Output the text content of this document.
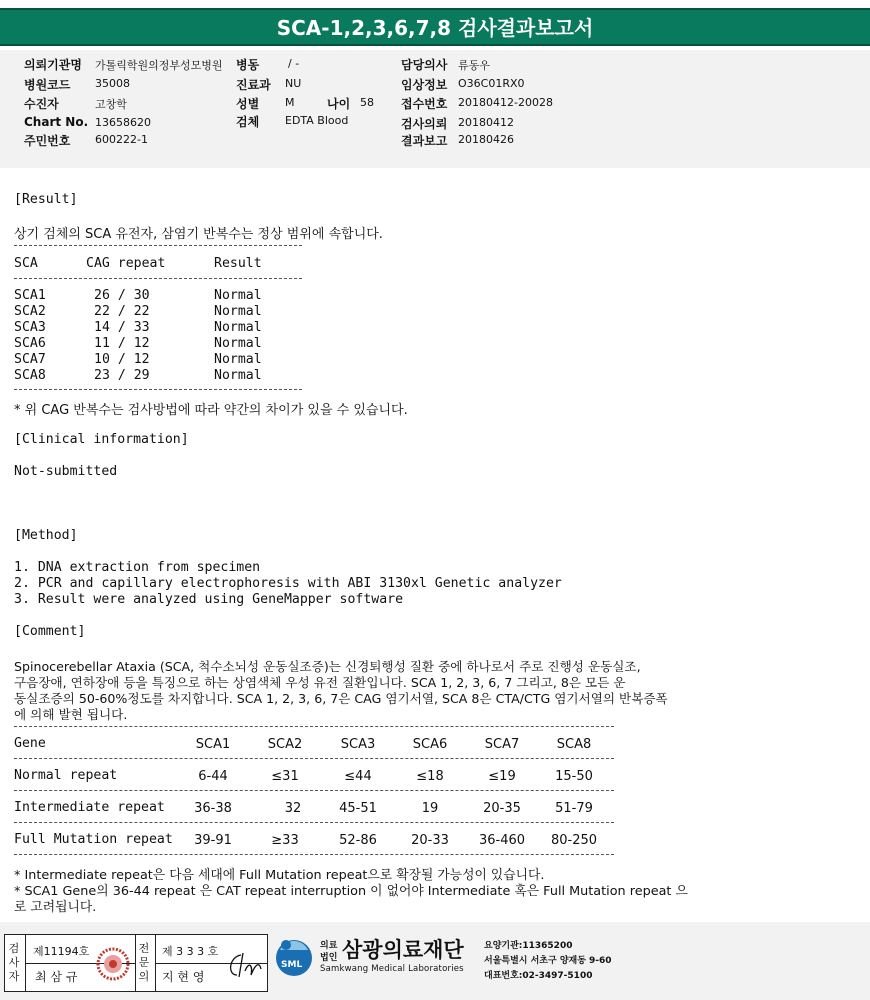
SCA-1,2,3,6,7,8 검사결과보고서
의뢰기관명 가톨릭학원의정부성모병원 병동	/ -	담당의사 류동우
병원코드 35008	진료과 NU	임상정보 O36C01RX0
수진자	고창학	성별 M	나이 58 접수번호 20180412-20028
Chart No. 13658620	검체 EDTA Blood	검사의뢰 20180412
주민번호 600222-1	결과보고 20180426
[Result]
상기 검체의 SCA 유전자, 삼염기 반복수는 정상 범위에 속합니다.
SCA	CAG repeat	Result
SCA1	26 / 30	Normal
SCA2	22 / 22	Normal
SCA3	14 / 33	Normal
SCA6	11 / 12	Normal
SCA7	10 / 12	Normal
SCA8	23 / 29	Normal
* 위 CAG 반복수는 검사방법에 따라 약간의 차이가 있을 수 있습니다.
[Clinical information]
Not-submitted
[Method]
1. DNA extraction from specimen
2. PCR and capillary electrophoresis with ABI 3130xl Genetic analyzer
3. Result were analyzed using GeneMapper software
[Comment]
Spinocerebellar Ataxia (SCA, 척수소뇌성 운동실조증)는 신경퇴행성 질환 중에 하나로서 주로 진행성 운동실조,
구음장애, 연하장애 등을 특징으로 하는 상염색체 우성 유전 질환입니다. SCA 1, 2, 3, 6, 7 그리고, 8은 모든 운
동실조증의 50-60%정도를 차지합니다. SCA 1, 2, 3, 6, 7은 CAG 염기서열, SCA 8은 CTA/CTG 염기서열의 반복증폭
에 의해 발현 됩니다.
Gene	SCA1	SCA2	SCA3	SCA6	SCA7	SCA8
Normal repeat	6-44	≤31	≤44	≤18	≤19	15-50
Intermediate repeat	36-38	32	45-51	19	20-35	51-79
Full Mutation repeat	39-91	≥33	52-86	20-33	36-460	80-250
* Intermediate repeat은 다음 세대에 Full Mutation repeat으로 확장될 가능성이 있습니다.
* SCA1 Gene의 36-44 repeat 은 CAT repeat interruption 이 없어야 Intermediate 혹은 Full Mutation repeat 으
로 고려됩니다.
검사자
제11194호
최 삼 규
전문의
제 3 3 3 호
지 현 영
SML
의료
법인 삼광의료재단
Samkwang Medical Laboratories
요양기관:11365200
서울특별시 서초구 양재동 9-60
대표번호:02-3497-5100
